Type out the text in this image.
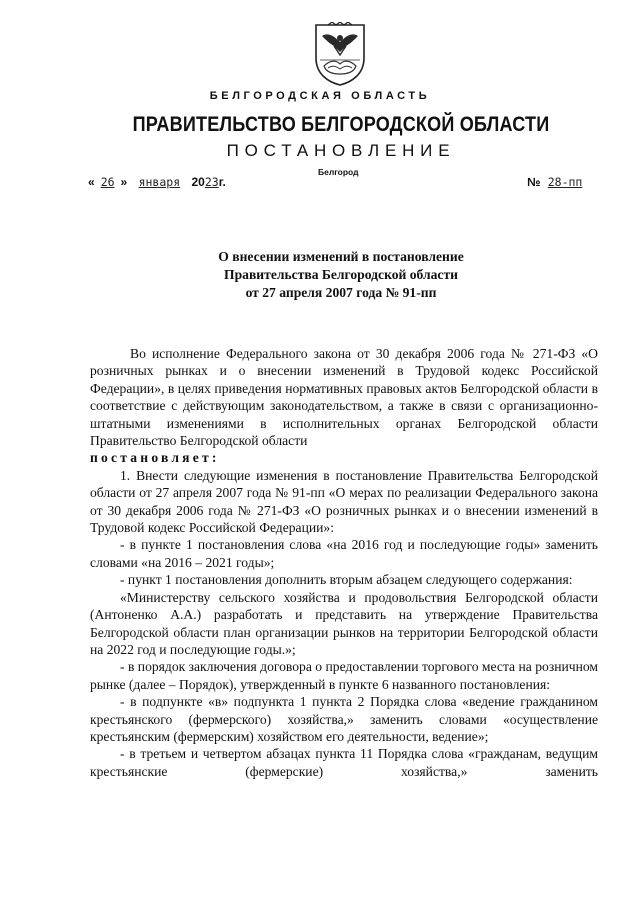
БЕЛГОРОДСКАЯ ОБЛАСТЬ
ПРАВИТЕЛЬСТВО БЕЛГОРОДСКОЙ ОБЛАСТИ
ПОСТАНОВЛЕНИЕ
« 26 » января 2023г.
Белгород
№ 28-пп
О внесении изменений в постановление
Правительства Белгородской области
от 27 апреля 2007 года № 91-пп

Во исполнение Федерального закона от 30 декабря 2006 года № 271-ФЗ «О розничных рынках и о внесении изменений в Трудовой кодекс Российской Федерации», в целях приведения нормативных правовых актов Белгородской области в соответствие с действующим законодательством, а также в связи с организационно-штатными изменениями в исполнительных органах Белгородской области Правительство Белгородской области

постановляет:

1. Внести следующие изменения в постановление Правительства Белгородской области от 27 апреля 2007 года № 91-пп «О мерах по реализации Федерального закона от 30 декабря 2006 года № 271-ФЗ «О розничных рынках и о внесении изменений в Трудовой кодекс Российской Федерации»:

- в пункте 1 постановления слова «на 2016 год и последующие годы» заменить словами «на 2016 – 2021 годы»;

- пункт 1 постановления дополнить вторым абзацем следующего содержания:

«Министерству сельского хозяйства и продовольствия Белгородской области (Антоненко А.А.) разработать и представить на утверждение Правительства Белгородской области план организации рынков на территории Белгородской области на 2022 год и последующие годы.»;

- в порядок заключения договора о предоставлении торгового места на розничном рынке (далее – Порядок), утвержденный в пункте 6 названного постановления:

- в подпункте «в» подпункта 1 пункта 2 Порядка слова «ведение гражданином крестьянского (фермерского) хозяйства,» заменить словами «осуществление крестьянским (фермерским) хозяйством его деятельности, ведение»;

- в третьем и четвертом абзацах пункта 11 Порядка слова «гражданам, ведущим крестьянские (фермерские) хозяйства,» заменить
